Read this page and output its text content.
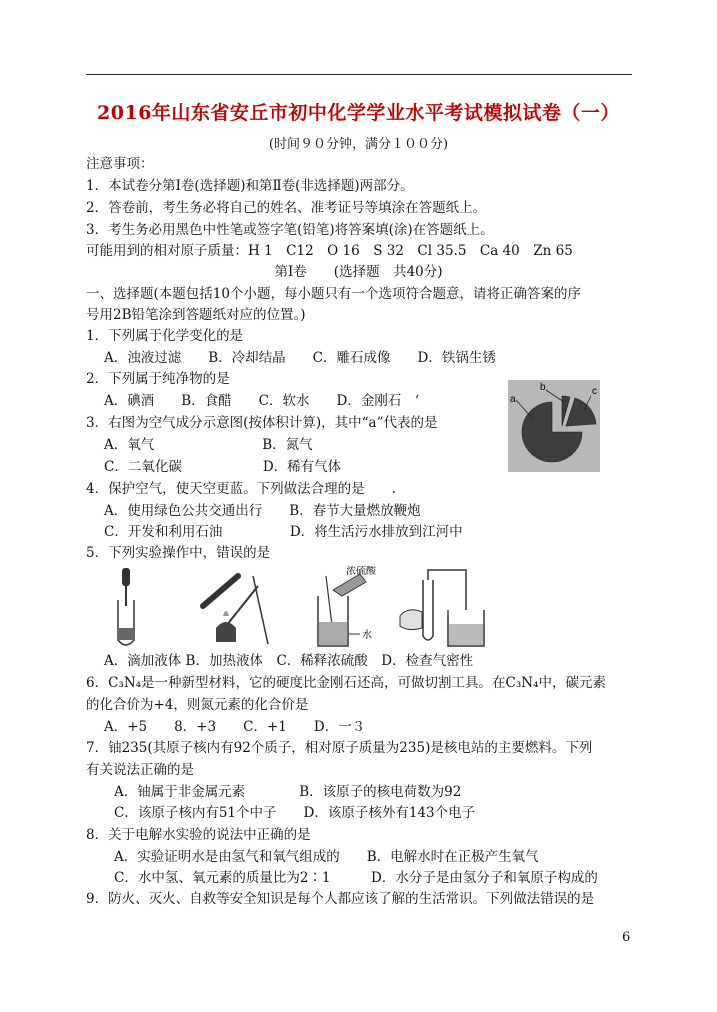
2016年山东省安丘市初中化学学业水平考试模拟试卷（一）
(时间９０分钟，满分１００分)
注意事项：
1．本试卷分第Ⅰ卷(选择题)和第Ⅱ卷(非选择题)两部分。
2．答卷前，考生务必将自己的姓名、准考证号等填涂在答题纸上。
3．考生务必用黑色中性笔或签字笔(铅笔)将答案填(涂)在答题纸上。
可能用到的相对原子质量：H 1　C12　O 16　S 32　Cl 35.5　Ca 40　Zn 65
第Ⅰ卷　　(选择题　共40分)
一、选择题(本题包括10个小题，每小题只有一个选项符合题意，请将正确答案的序
号用2B铅笔涂到答题纸对应的位置。)
1．下列属于化学变化的是
A．浊液过滤　　B．冷却结晶　　C．雕石成像　　D．铁锅生锈
2．下列属于纯净物的是
A．碘酒　　B．食醋　　C．软水　　D．金刚石　‘
3．右图为空气成分示意图(按体积计算)，其中“a”代表的是
A．氧气　　　　　　　　B．氮气
C．二氧化碳　　　　　　D．稀有气体
a
b	c
4．保护空气，使天空更蓝。下列做法合理的是　　.
A．使用绿色公共交通出行　　B．春节大量燃放鞭炮
C．开发和利用石油　　　　　D．将生活污水排放到江河中
5．下列实验操作中，错误的是
浓硫酸
水
A．滴加液体 B．加热液体　C．稀释浓硫酸　D．检查气密性
6．C₃N₄是一种新型材料，它的硬度比金刚石还高，可做切割工具。在C₃N₄中，碳元素
的化合价为+4，则氮元素的化合价是
A．+5　　8．+3　　C．+1　　D．一３
7．铀235(其原子核内有92个质子，相对原子质量为235)是核电站的主要燃料。下列
有关说法正确的是
A．铀属于非金属元素　　　　B．该原子的核电荷数为92
C．该原子核内有51个中子　　D．该原子核外有143个电子
8．关于电解水实验的说法中正确的是
A．实验证明水是由氢气和氧气组成的　　B．电解水时在正极产生氧气
C．水中氢、氧元素的质量比为2∶1　　　D．水分子是由氢分子和氧原子构成的
9．防火、灭火、自救等安全知识是每个人都应该了解的生活常识。下列做法错误的是
6
